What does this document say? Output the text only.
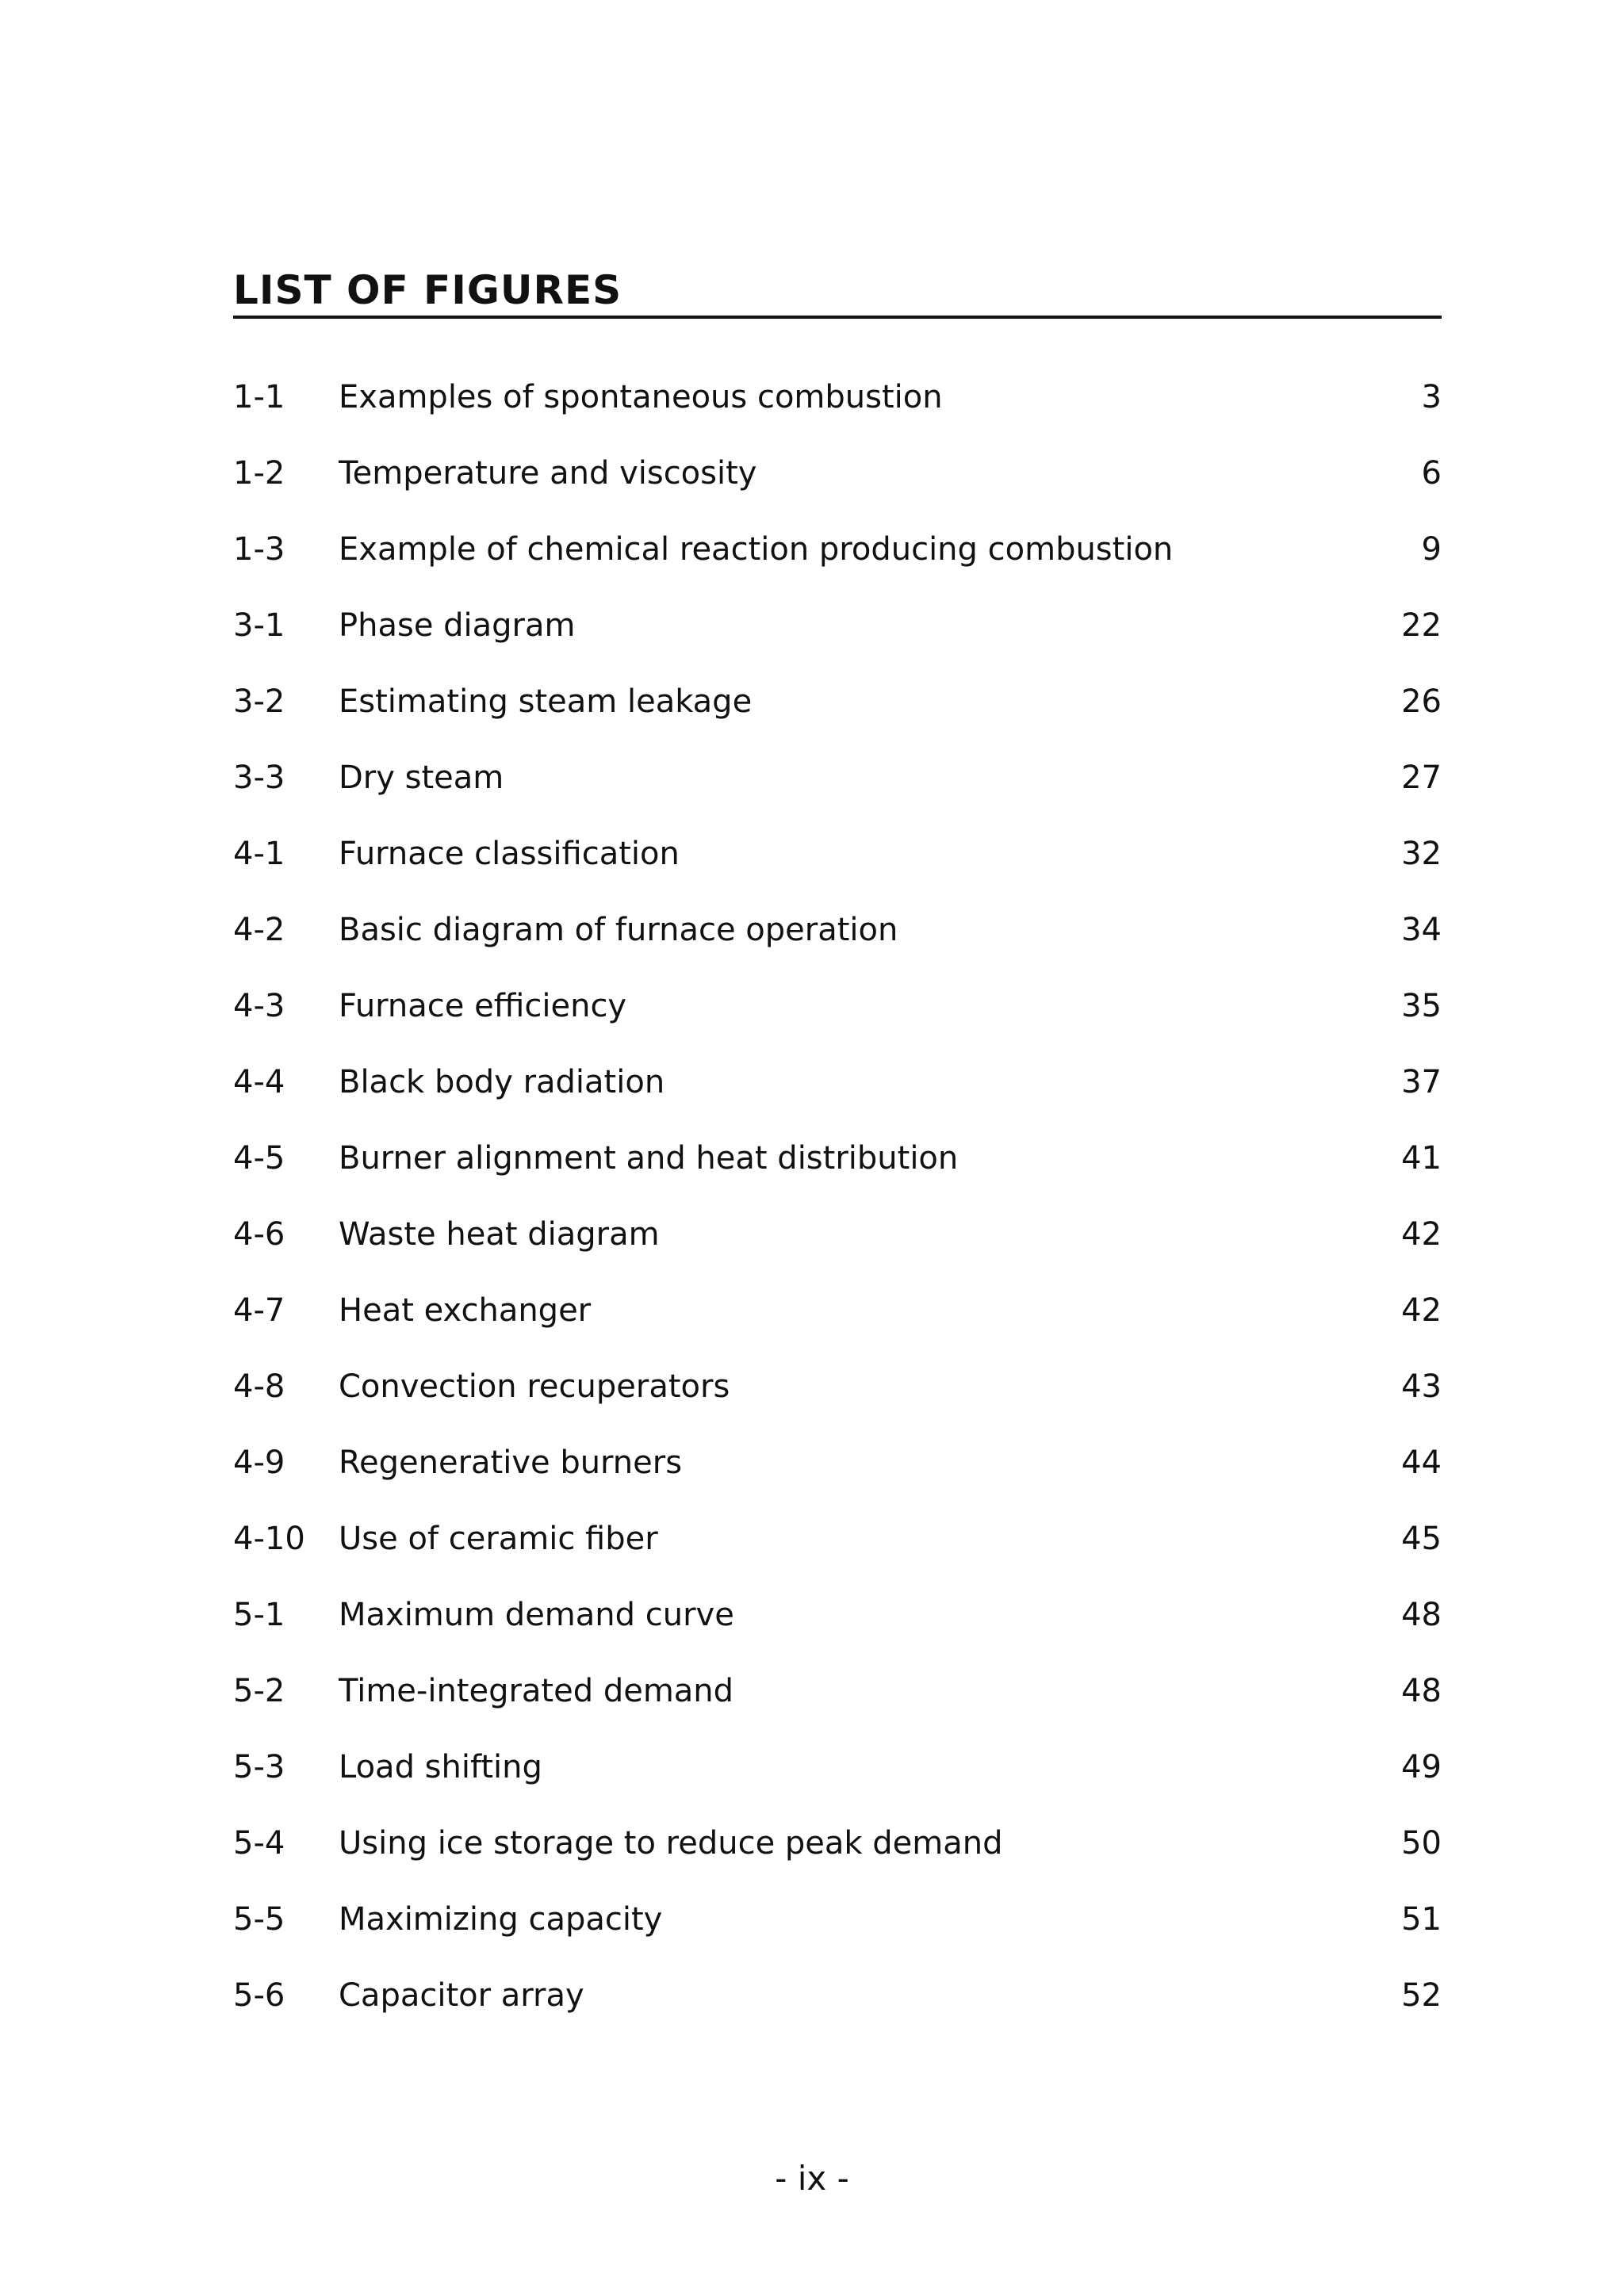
LIST OF FIGURES
1-1 Examples of spontaneous combustion	3
1-2 Temperature and viscosity	6
1-3 Example of chemical reaction producing combustion	9
3-1 Phase diagram	22
3-2 Estimating steam leakage	26
3-3 Dry steam	27
4-1 Furnace classification	32
4-2 Basic diagram of furnace operation	34
4-3 Furnace efficiency	35
4-4 Black body radiation	37
4-5 Burner alignment and heat distribution	41
4-6 Waste heat diagram	42
4-7 Heat exchanger	42
4-8 Convection recuperators	43
4-9 Regenerative burners	44
4-10 Use of ceramic fiber	45
5-1 Maximum demand curve	48
5-2 Time-integrated demand	48
5-3 Load shifting	49
5-4 Using ice storage to reduce peak demand	50
5-5 Maximizing capacity	51
5-6 Capacitor array	52
- ix -
